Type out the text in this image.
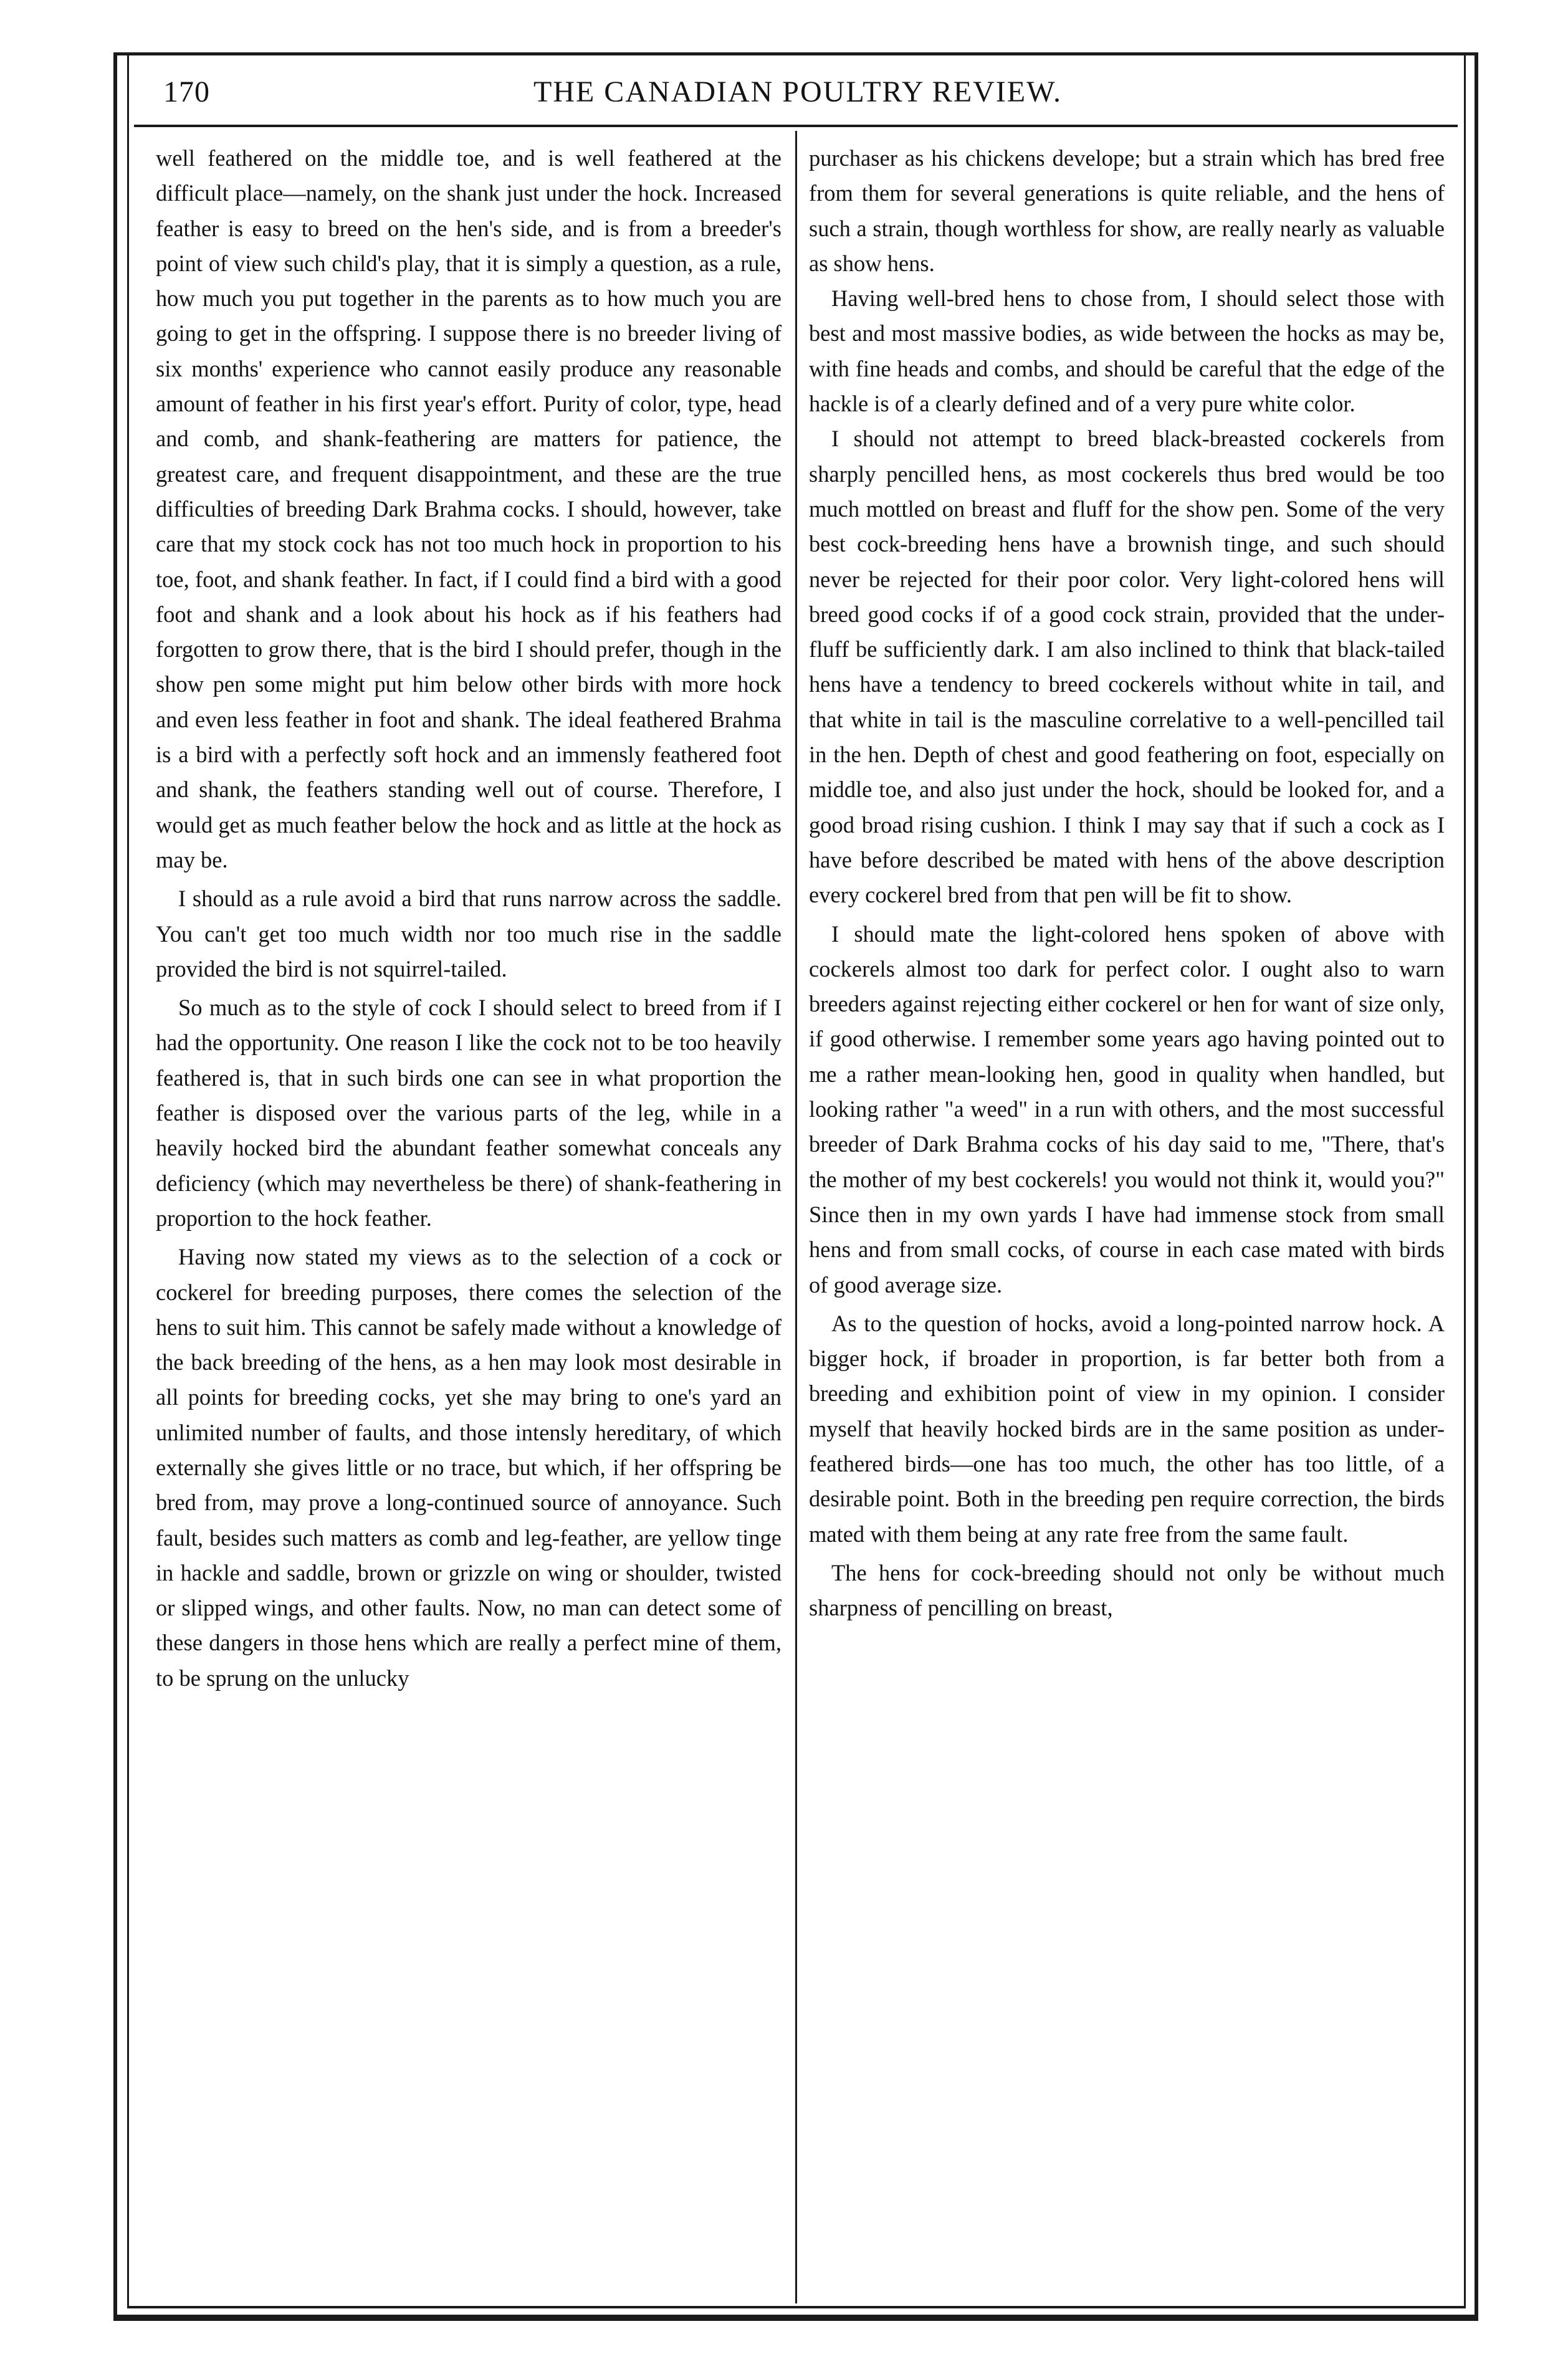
170	THE CANADIAN POULTRY REVIEW.

well feathered on the middle toe, and is well feathered at the difficult place—namely, on the shank just under the hock. Increased feather is easy to breed on the hen's side, and is from a breeder's point of view such child's play, that it is simply a question, as a rule, how much you put together in the parents as to how much you are going to get in the offspring. I suppose there is no breeder living of six months' experience who cannot easily produce any reasonable amount of feather in his first year's effort. Purity of color, type, head and comb, and shank-feathering are matters for patience, the greatest care, and frequent disappointment, and these are the true difficulties of breeding Dark Brahma cocks. I should, however, take care that my stock cock has not too much hock in proportion to his toe, foot, and shank feather. In fact, if I could find a bird with a good foot and shank and a look about his hock as if his feathers had forgotten to grow there, that is the bird I should prefer, though in the show pen some might put him below other birds with more hock and even less feather in foot and shank. The ideal feathered Brahma is a bird with a perfectly soft hock and an immensly feathered foot and shank, the feathers standing well out of course. Therefore, I would get as much feather below the hock and as little at the hock as may be.

I should as a rule avoid a bird that runs narrow across the saddle. You can't get too much width nor too much rise in the saddle provided the bird is not squirrel-tailed.

So much as to the style of cock I should select to breed from if I had the opportunity. One reason I like the cock not to be too heavily feathered is, that in such birds one can see in what proportion the feather is disposed over the various parts of the leg, while in a heavily hocked bird the abundant feather somewhat conceals any deficiency (which may nevertheless be there) of shank-feathering in proportion to the hock feather.

Having now stated my views as to the selection of a cock or cockerel for breeding purposes, there comes the selection of the hens to suit him. This cannot be safely made without a knowledge of the back breeding of the hens, as a hen may look most desirable in all points for breeding cocks, yet she may bring to one's yard an unlimited number of faults, and those intensly hereditary, of which externally she gives little or no trace, but which, if her offspring be bred from, may prove a long-continued source of annoyance. Such fault, besides such matters as comb and leg-feather, are yellow tinge in hackle and saddle, brown or grizzle on wing or shoulder, twisted or slipped wings, and other faults. Now, no man can detect some of these dangers in those hens which are really a perfect mine of them, to be sprung on the unlucky

purchaser as his chickens develope; but a strain which has bred free from them for several generations is quite reliable, and the hens of such a strain, though worthless for show, are really nearly as valuable as show hens.

Having well-bred hens to chose from, I should select those with best and most massive bodies, as wide between the hocks as may be, with fine heads and combs, and should be careful that the edge of the hackle is of a clearly defined and of a very pure white color.

I should not attempt to breed black-breasted cockerels from sharply pencilled hens, as most cockerels thus bred would be too much mottled on breast and fluff for the show pen. Some of the very best cock-breeding hens have a brownish tinge, and such should never be rejected for their poor color. Very light-colored hens will breed good cocks if of a good cock strain, provided that the under-fluff be sufficiently dark. I am also inclined to think that black-tailed hens have a tendency to breed cockerels without white in tail, and that white in tail is the masculine correlative to a well-pencilled tail in the hen. Depth of chest and good feathering on foot, especially on middle toe, and also just under the hock, should be looked for, and a good broad rising cushion. I think I may say that if such a cock as I have before described be mated with hens of the above description every cockerel bred from that pen will be fit to show.

I should mate the light-colored hens spoken of above with cockerels almost too dark for perfect color. I ought also to warn breeders against rejecting either cockerel or hen for want of size only, if good otherwise. I remember some years ago having pointed out to me a rather mean-looking hen, good in quality when handled, but looking rather "a weed" in a run with others, and the most successful breeder of Dark Brahma cocks of his day said to me, "There, that's the mother of my best cockerels! you would not think it, would you?" Since then in my own yards I have had immense stock from small hens and from small cocks, of course in each case mated with birds of good average size.

As to the question of hocks, avoid a long-pointed narrow hock. A bigger hock, if broader in proportion, is far better both from a breeding and exhibition point of view in my opinion. I consider myself that heavily hocked birds are in the same position as under-feathered birds—one has too much, the other has too little, of a desirable point. Both in the breeding pen require correction, the birds mated with them being at any rate free from the same fault.

The hens for cock-breeding should not only be without much sharpness of pencilling on breast,
